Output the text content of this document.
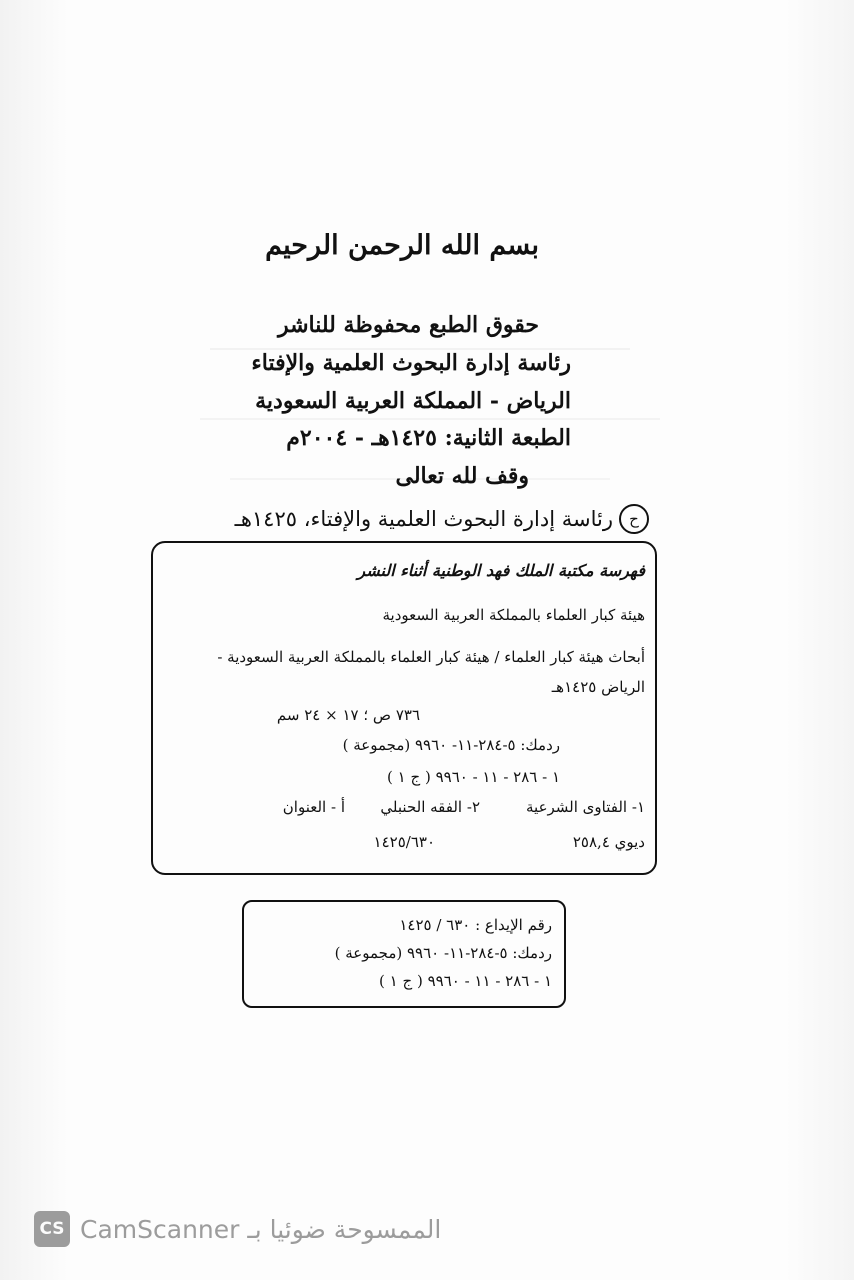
بسم الله الرحمن الرحيم
حقوق الطبع محفوظة للناشر
رئاسة إدارة البحوث العلمية والإفتاء
الرياض - المملكة العربية السعودية
الطبعة الثانية: ١٤٢٥هـ - ٢٠٠٤م
وقف لله تعالى
ح
رئاسة إدارة البحوث العلمية والإفتاء، ١٤٢٥هـ
فهرسة مكتبة الملك فهد الوطنية أثناء النشر
هيئة كبار العلماء بالمملكة العربية السعودية
أبحاث هيئة كبار العلماء / هيئة كبار العلماء بالمملكة العربية السعودية -
الرياض ١٤٢٥هـ
٧٣٦ ص ؛ ١٧ × ٢٤ سم
ردمك: ٥-٢٨٤-١١- ٩٩٦٠ (مجموعة )
١ - ٢٨٦ - ١١ - ٩٩٦٠ ( ج ١ )
١- الفتاوى الشرعية
٢- الفقه الحنبلي
أ - العنوان
ديوي ٢٥٨,٤
١٤٢٥/٦٣٠
رقم الإيداع : ٦٣٠ / ١٤٢٥
ردمك: ٥-٢٨٤-١١- ٩٩٦٠ (مجموعة )
١ - ٢٨٦ - ١١ - ٩٩٦٠ ( ج ١ )
CS الممسوحة ضوئيا بـ CamScanner
